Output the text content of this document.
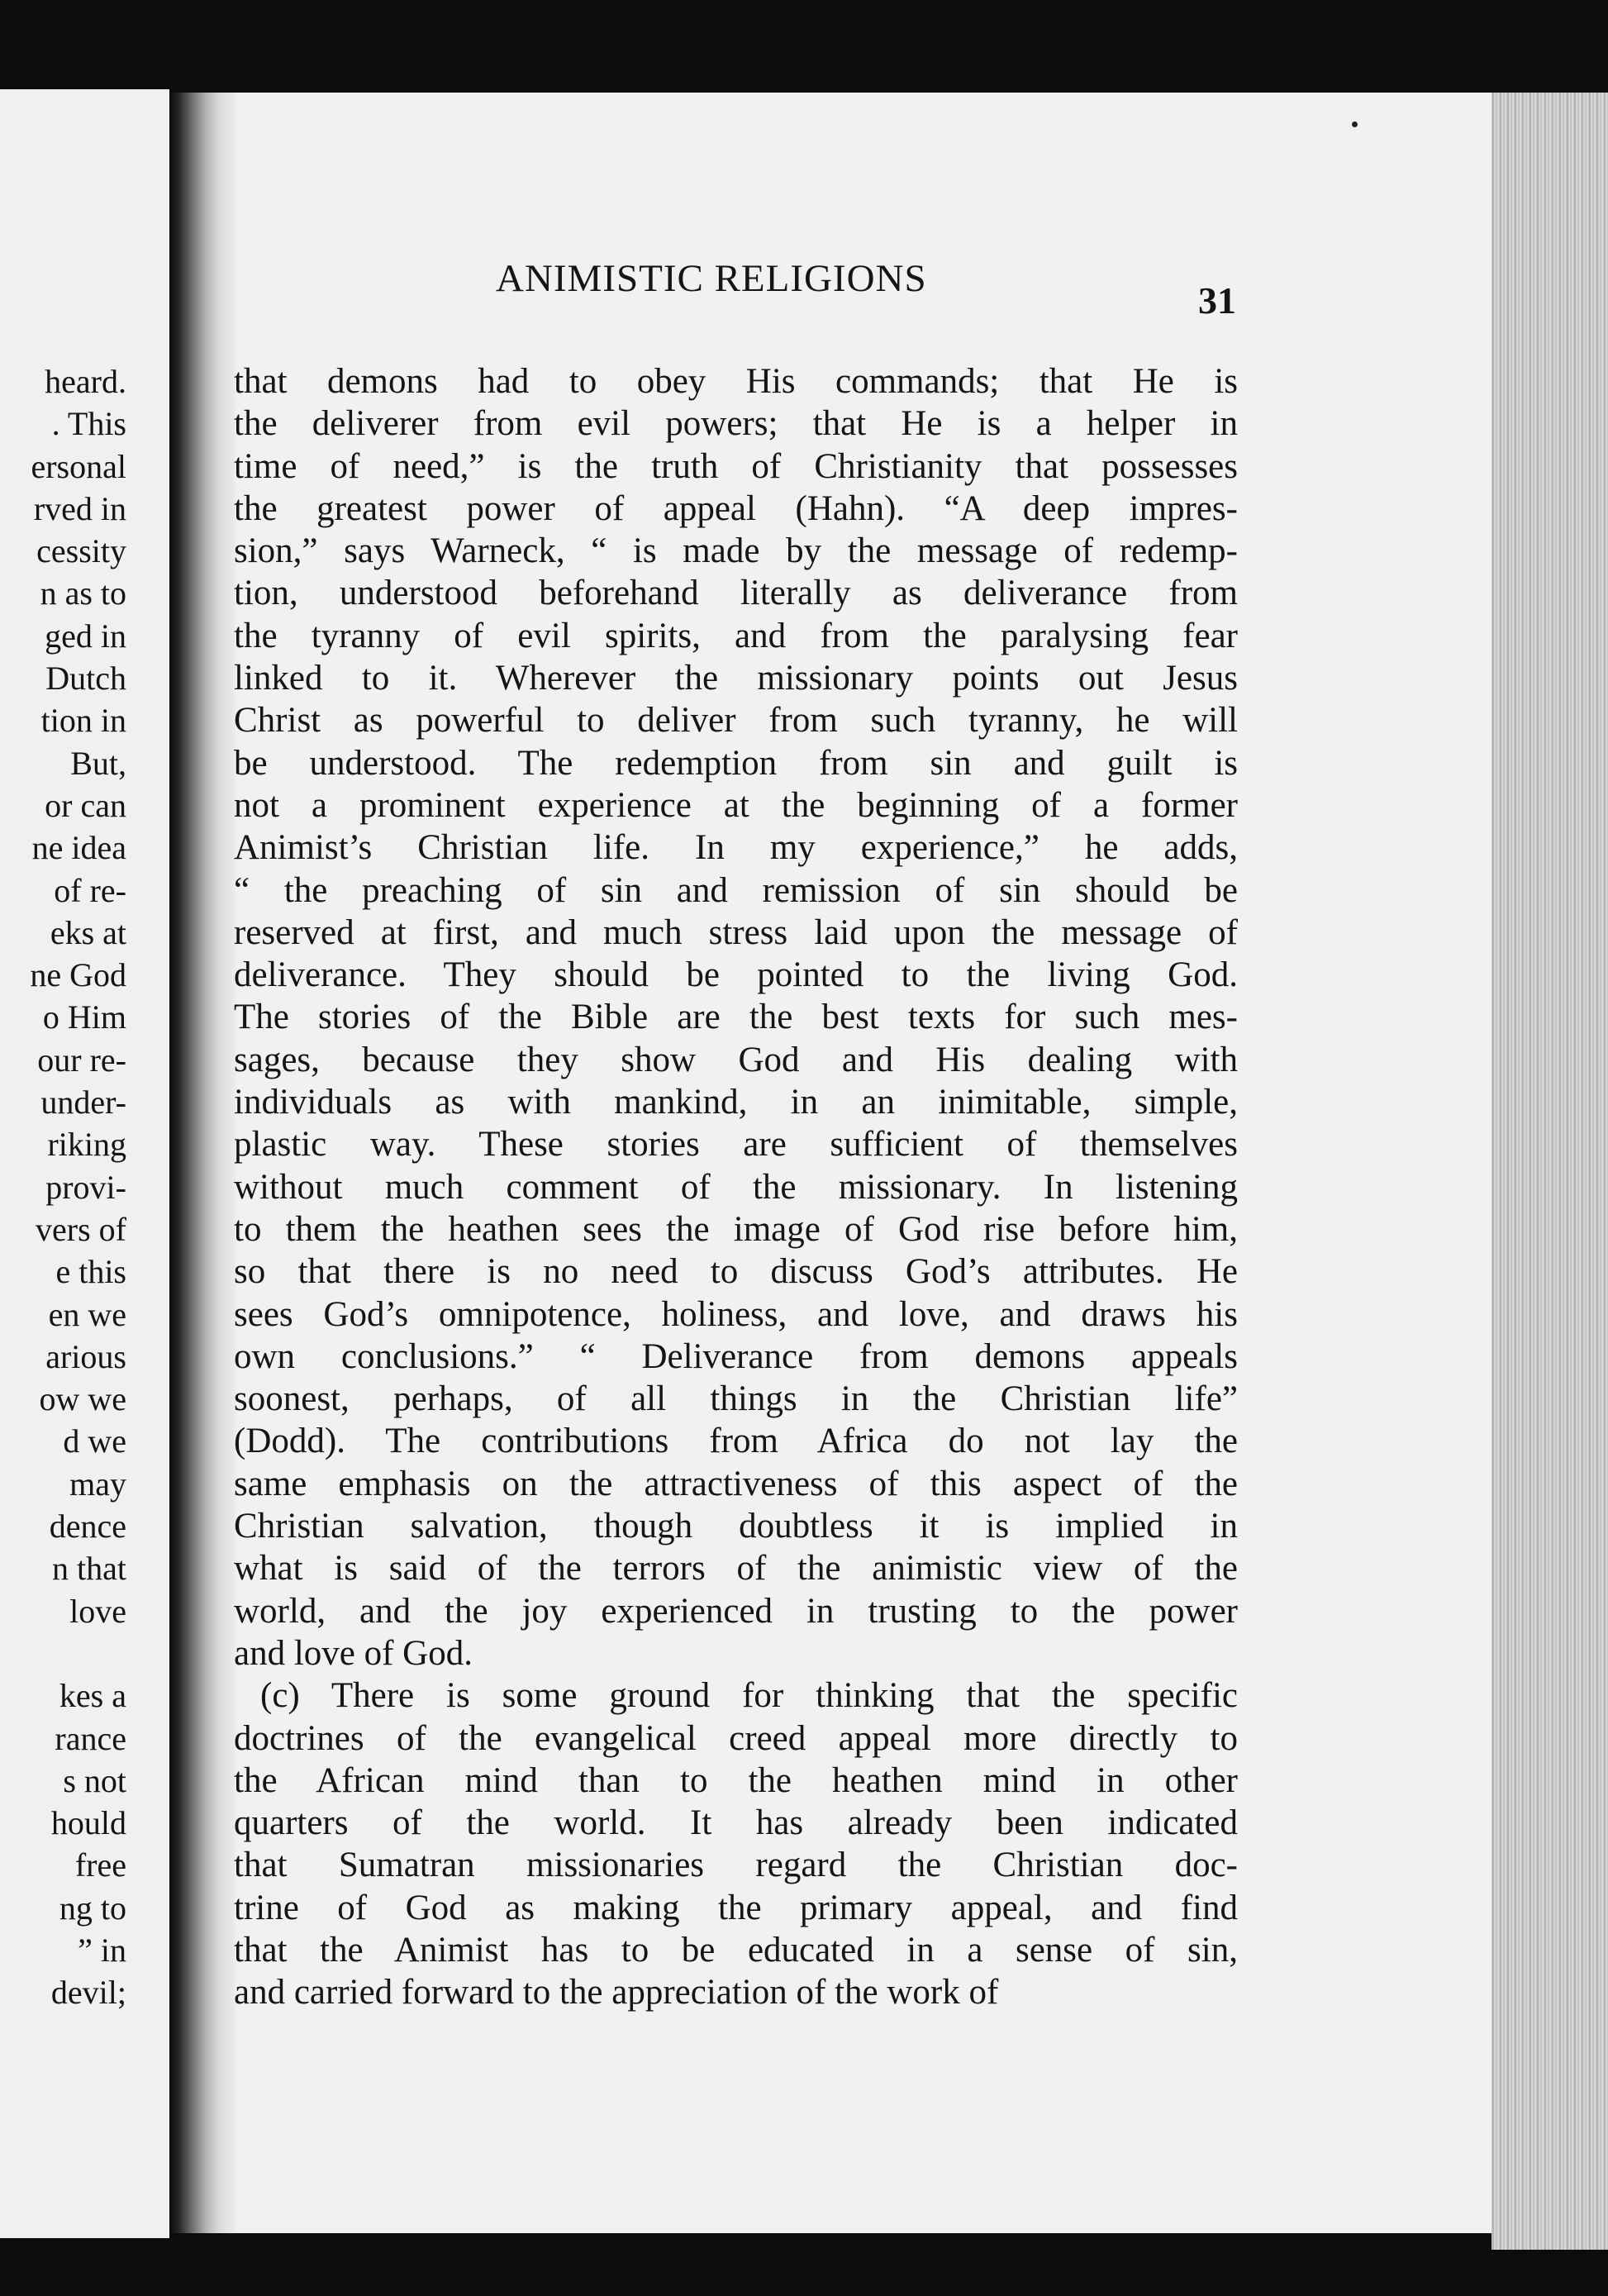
heard.
. This
ersonal
rved in
cessity
n as to
ged in
Dutch
tion in
But,
or can
ne idea
of re-
eks at
ne God
o Him
our re-
under-
riking
provi-
vers of
e this
en we
arious
ow we
d we
may
dence
n that
love

kes a
rance
s not
hould
free
ng to
” in
devil;
ANIMISTIC RELIGIONS
31
that demons had to obey His commands; that He is
the deliverer from evil powers; that He is a helper in
time of need,” is the truth of Christianity that possesses
the greatest power of appeal (Hahn). “A deep impres-
sion,” says Warneck, “ is made by the message of redemp-
tion, understood beforehand literally as deliverance from
the tyranny of evil spirits, and from the paralysing fear
linked to it. Wherever the missionary points out Jesus
Christ as powerful to deliver from such tyranny, he will
be understood. The redemption from sin and guilt is
not a prominent experience at the beginning of a former
Animist’s Christian life. In my experience,” he adds,
“ the preaching of sin and remission of sin should be
reserved at first, and much stress laid upon the message of
deliverance. They should be pointed to the living God.
The stories of the Bible are the best texts for such mes-
sages, because they show God and His dealing with
individuals as with mankind, in an inimitable, simple,
plastic way. These stories are sufficient of themselves
without much comment of the missionary. In listening
to them the heathen sees the image of God rise before him,
so that there is no need to discuss God’s attributes. He
sees God’s omnipotence, holiness, and love, and draws his
own conclusions.” “ Deliverance from demons appeals
soonest, perhaps, of all things in the Christian life”
(Dodd). The contributions from Africa do not lay the
same emphasis on the attractiveness of this aspect of the
Christian salvation, though doubtless it is implied in
what is said of the terrors of the animistic view of the
world, and the joy experienced in trusting to the power
and love of God.
(c) There is some ground for thinking that the specific
doctrines of the evangelical creed appeal more directly to
the African mind than to the heathen mind in other
quarters of the world. It has already been indicated
that Sumatran missionaries regard the Christian doc-
trine of God as making the primary appeal, and find
that the Animist has to be educated in a sense of sin,
and carried forward to the appreciation of the work of
